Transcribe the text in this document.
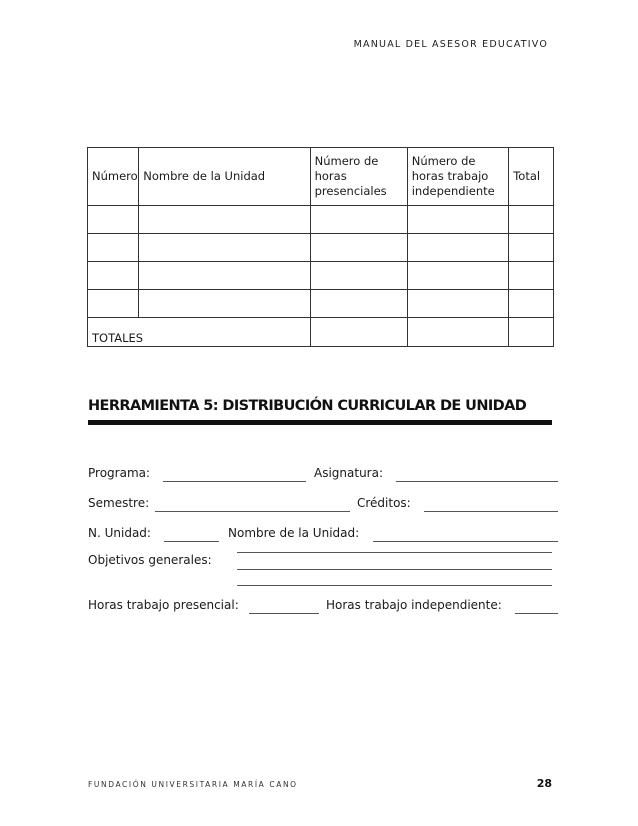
MANUAL DEL ASESOR EDUCATIVO
Número	Nombre de la Unidad	Número de horas presenciales	Número de horas trabajo independiente	Total

TOTALES				
HERRAMIENTA 5: DISTRIBUCIÓN CURRICULAR DE UNIDAD
Programa:	Asignatura:
Semestre:	Créditos:
N. Unidad:	Nombre de la Unidad:
Objetivos generales:
Horas trabajo presencial:	Horas trabajo independiente:
FUNDACIÓN UNIVERSITARIA MARÍA CANO	28
